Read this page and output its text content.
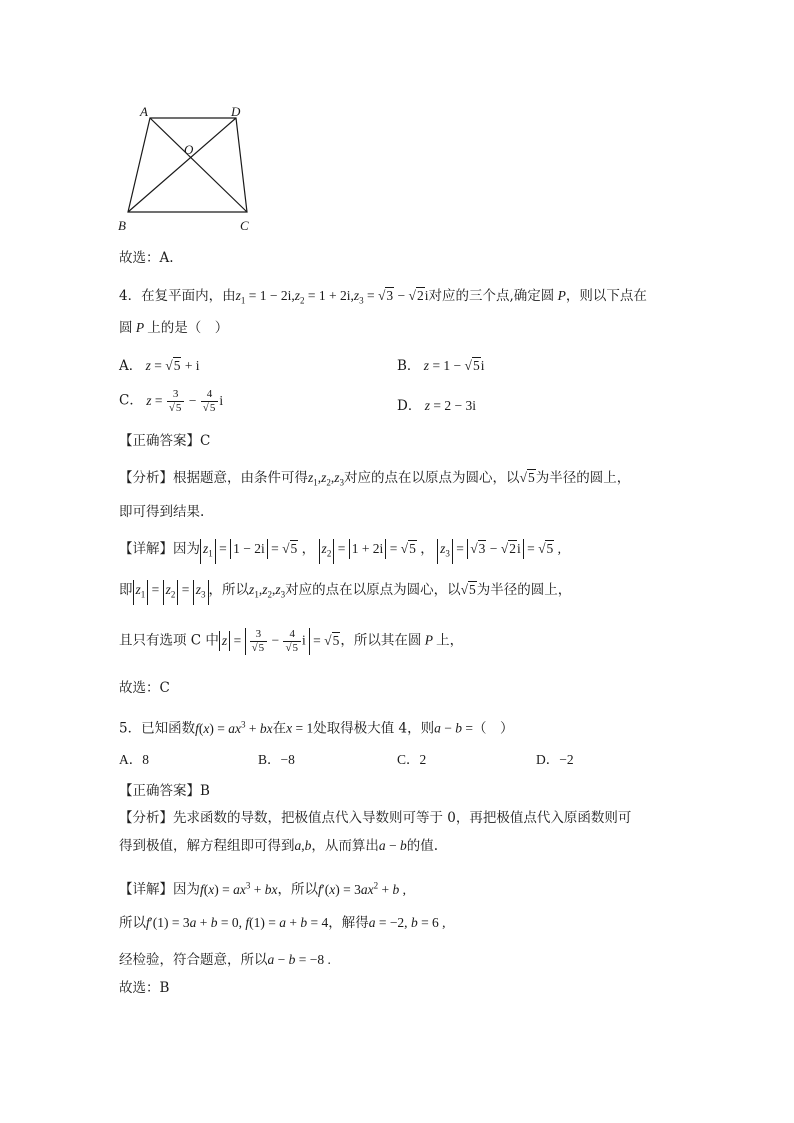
A	D
O
B	C
故选：A.
4．在复平面内，由$z_1 = 1 - 2i,z_2 = 1 + 2i,z_3 = √3 - √2i$对应的三个点,确定圆 P，则以下点在
圆 P 上的是（　）
A． z = √5 + i	B． z = 1 − √5i
C． $z = \frac{3}{√5} - \frac{4}{√5}$ i	D． z = 2 − 3i
【正确答案】C
【分析】根据题意，由条件可得$z_1,z_2,z_3$对应的点在以原点为圆心，以√5为半径的圆上，
即可得到结果.
【详解】因为 $z_1 = 1 - 2i = √5$ ， $z_2 = 1 + 2i = √5$ ， $z_3 = √3 - √2i = √5$ ,
即 $z_1 = z_2 = z_3$ ，所以$z_1,z_2,z_3$对应的点在以原点为圆心，以√5为半径的圆上，
且只有选项 C 中 $z = \frac{3}{√5} - \frac{4}{√5}$ i = √5，所以其在圆 P 上，
故选：C
5．已知函数$f(x) = ax^3$ + bx在x = 1处取得极大值 4，则a − b =（　）
A．8	B．−8	C．2	D．−2
【正确答案】B
【分析】先求函数的导数，把极值点代入导数则可等于 0，再把极值点代入原函数则可
得到极值，解方程组即可得到a,b，从而算出a − b的值.
【详解】因为$f(x) = ax^3$ + bx，所以$f'(x) = 3ax^2 + b$ ,
所以f′(1) = 3a + b = 0, f(1) = a + b = 4，解得a = −2, b = 6 ,
经检验，符合题意，所以a − b = −8 .
故选：B
